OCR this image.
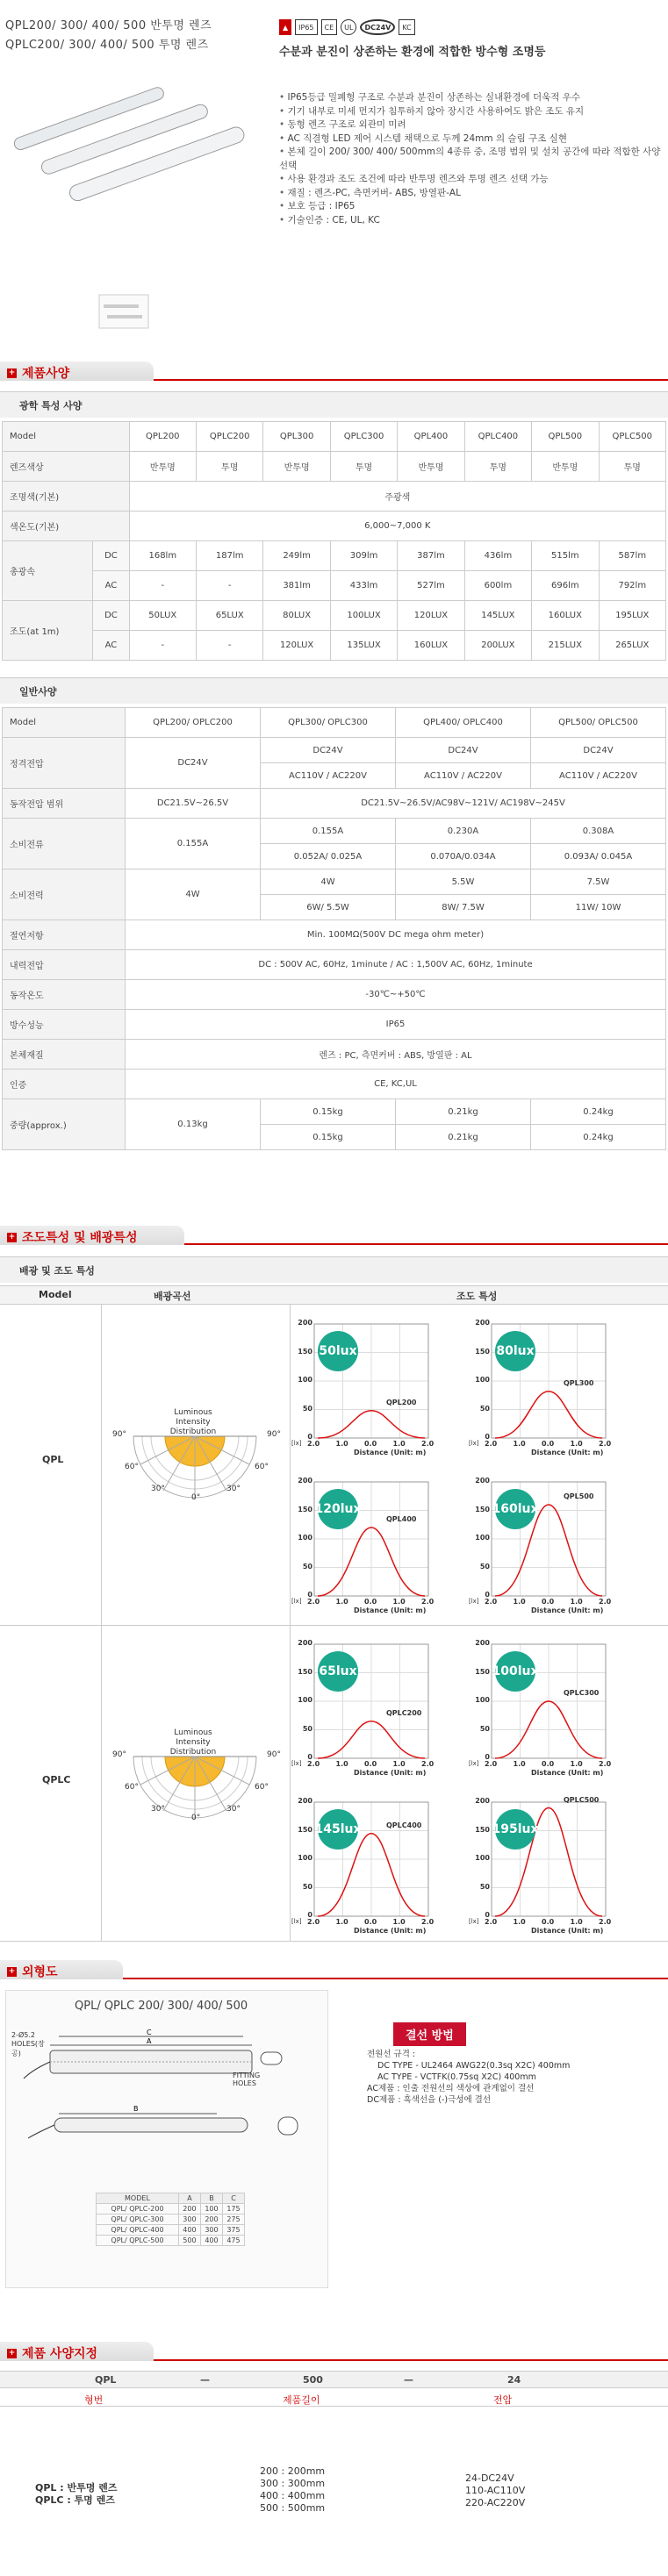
QPL200/ 300/ 400/ 500 반투명 렌즈
QPLC200/ 300/ 400/ 500 투명 렌즈
▲	IP65	CE	UL	DC24V	KC
수분과 분진이 상존하는 환경에 적합한 방수형 조명등
• IP65등급 밀폐형 구조로 수분과 분진이 상존하는 실내환경에 더욱적 우수
• 기기 내부로 미세 먼지가 침투하지 않아 장시간 사용하여도 밝은 조도 유지
• 동형 렌즈 구조로 외관미 미려
• AC 직결형 LED 제어 시스템 채택으로 두께 24mm 의 슬림 구조 실현
• 본체 길이 200/ 300/ 400/ 500mm의 4종류 중, 조명 범위 및 설치 공간에 따라 적합한 사양 선택
• 사용 환경과 조도 조건에 따라 반투명 렌즈와 투명 렌즈 선택 가능
• 재질 : 렌즈-PC, 측면커버- ABS, 방열판-AL
• 보호 등급 : IP65
• 기술인증 : CE, UL, KC
+ 제품사양
광학 특성 사양
Model		QPL200	QPLC200	QPL300	QPLC300	QPL400	QPLC400	QPL500	QPLC500
렌즈색상		반투명	투명	반투명	투명	반투명	투명	반투명	투명
조명색(기본)		주광색							
색온도(기본)		6,000~7,000 K							
총광속	DC	168lm	187lm	249lm	309lm	387lm	436lm	515lm	587lm
	AC	-	-	381lm	433lm	527lm	600lm	696lm	792lm
조도(at 1m)	DC	50LUX	65LUX	80LUX	100LUX	120LUX	145LUX	160LUX	195LUX
	AC	-	-	120LUX	135LUX	160LUX	200LUX	215LUX	265LUX
일반사양
Model	QPL200/ OPLC200	QPL300/ OPLC300	QPL400/ OPLC400	QPL500/ OPLC500
정격전압	DC24V	DC24V	DC24V	DC24V
		AC110V / AC220V	AC110V / AC220V	AC110V / AC220V
동작전압 범위	DC21.5V~26.5V	DC21.5V~26.5V/AC98V~121V/ AC198V~245V		
소비전류	0.155A	0.155A	0.230A	0.308A
		0.052A/ 0.025A	0.070A/0.034A	0.093A/ 0.045A
소비전력	4W	4W	5.5W	7.5W
		6W/ 5.5W	8W/ 7.5W	11W/ 10W
절연저항	Min. 100MΩ(500V DC mega ohm meter)			
내력전압	DC : 500V AC, 60Hz, 1minute / AC : 1,500V AC, 60Hz, 1minute			
동작온도	-30℃~+50℃			
방수성능	IP65			
본체재질	렌즈 : PC, 측면커버 : ABS, 방열판 : AL			
인증	CE, KC,UL			
중량(approx.)	0.13kg	0.15kg	0.21kg	0.24kg
		0.15kg	0.21kg	0.24kg
+ 조도특성 및 배광특성
배광 및 조도 특성
Model	배광곡선	조도 특성
QPL
Luminous
Intensity Distribution
90°
60°
30°
0°
30°
60°
90°
200
150
100
50
0
2.0 1.0 0.0 1.0 2.0
[lx]
Distance (Unit: m)
50lux
QPL200
200
150
100
50
0
2.0 1.0 0.0 1.0 2.0
[lx]
Distance (Unit: m)
80lux
QPL300
200
150
100
50
0
2.0 1.0 0.0 1.0 2.0
[lx]
Distance (Unit: m)
120lux
QPL400
200
150
100
50
0
2.0 1.0 0.0 1.0 2.0
[lx]
Distance (Unit: m)
160lux
QPL500
QPLC
Luminous
Intensity Distribution
90°
60°
30°
0°
30°
60°
90°
200
150
100
50
0
2.0 1.0 0.0 1.0 2.0
[lx]
Distance (Unit: m)
65lux
QPLC200
200
150
100
50
0
2.0 1.0 0.0 1.0 2.0
[lx]
Distance (Unit: m)
100lux
QPLC300
200
150
100
50
0
2.0 1.0 0.0 1.0 2.0
[lx]
Distance (Unit: m)
145lux	QPLC400
200
150
100
50
0
2.0 1.0 0.0 1.0 2.0
[lx]
Distance (Unit: m)
195lux
QPLC500
+ 외형도
QPL/ QPLC 200/ 300/ 400/ 500
2-Ø5.2 HOLES(장공)
C
A
B
FITTING HOLES
MODEL	A	B	C
QPL/ QPLC-200	200	100	175
QPL/ QPLC-300	300	200	275
QPL/ QPLC-400	400	300	375
QPL/ QPLC-500	500	400	475
결선 방법
전원선 규격 :
DC TYPE - UL2464 AWG22(0.3sq X2C) 400mm
AC TYPE - VCTFK(0.75sq X2C) 400mm
AC제품 : 인출 전원선의 색상에 관계없이 결선
DC제품 : 흑색선을 (-)극성에 결선
+ 제품 사양지정
QPL	—	500	—	24
형번	제품길이	전압
QPL : 반투명 렌즈
QPLC : 투명 렌즈
200 : 200mm
300 : 300mm
400 : 400mm
500 : 500mm
24-DC24V
110-AC110V
220-AC220V
